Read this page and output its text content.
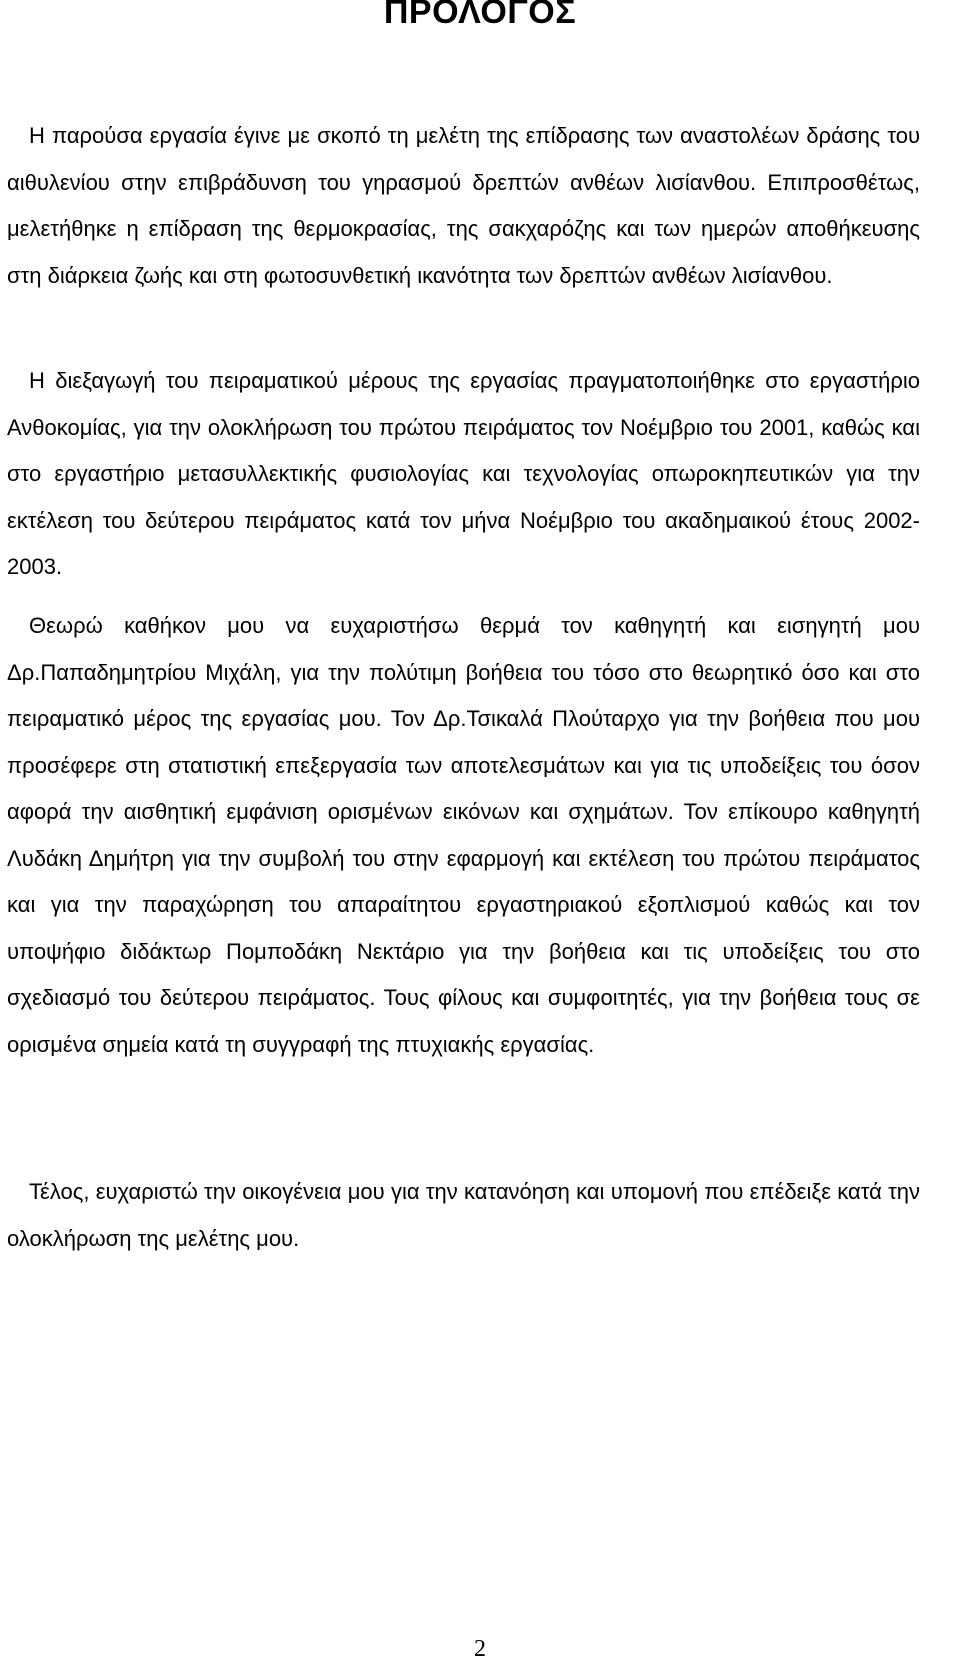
ΠΡΟΛΟΓΟΣ

Η παρούσα εργασία έγινε με σκοπό τη μελέτη της επίδρασης των αναστολέων δράσης του αιθυλενίου στην επιβράδυνση του γηρασμού δρεπτών ανθέων λισίανθου. Επιπροσθέτως, μελετήθηκε η επίδραση της θερμοκρασίας, της σακχαρόζης και των ημερών αποθήκευσης στη διάρκεια ζωής και στη φωτοσυνθετική ικανότητα των δρεπτών ανθέων λισίανθου.

Η διεξαγωγή του πειραματικού μέρους της εργασίας πραγματοποιήθηκε στο εργαστήριο Ανθοκομίας, για την ολοκλήρωση του πρώτου πειράματος τον Νοέμβριο του 2001, καθώς και στο εργαστήριο μετασυλλεκτικής φυσιολογίας και τεχνολογίας οπωροκηπευτικών για την εκτέλεση του δεύτερου πειράματος κατά τον μήνα Νοέμβριο του ακαδημαικού έτους 2002-2003.

Θεωρώ καθήκον μου να ευχαριστήσω θερμά τον καθηγητή και εισηγητή μου Δρ.Παπαδημητρίου Μιχάλη, για την πολύτιμη βοήθεια του τόσο στο θεωρητικό όσο και στο πειραματικό μέρος της εργασίας μου. Τον Δρ.Τσικαλά Πλούταρχο για την βοήθεια που μου προσέφερε στη στατιστική επεξεργασία των αποτελεσμάτων και για τις υποδείξεις του όσον αφορά την αισθητική εμφάνιση ορισμένων εικόνων και σχημάτων. Τον επίκουρο καθηγητή Λυδάκη Δημήτρη για την συμβολή του στην εφαρμογή και εκτέλεση του πρώτου πειράματος και για την παραχώρηση του απαραίτητου εργαστηριακού εξοπλισμού καθώς και τον υποψήφιο διδάκτωρ Πομποδάκη Νεκτάριο για την βοήθεια και τις υποδείξεις του στο σχεδιασμό του δεύτερου πειράματος. Τους φίλους και συμφοιτητές, για την βοήθεια τους σε ορισμένα σημεία κατά τη συγγραφή της πτυχιακής εργασίας.

Τέλος, ευχαριστώ την οικογένεια μου για την κατανόηση και υπομονή που επέδειξε κατά την ολοκλήρωση της μελέτης μου.

2
